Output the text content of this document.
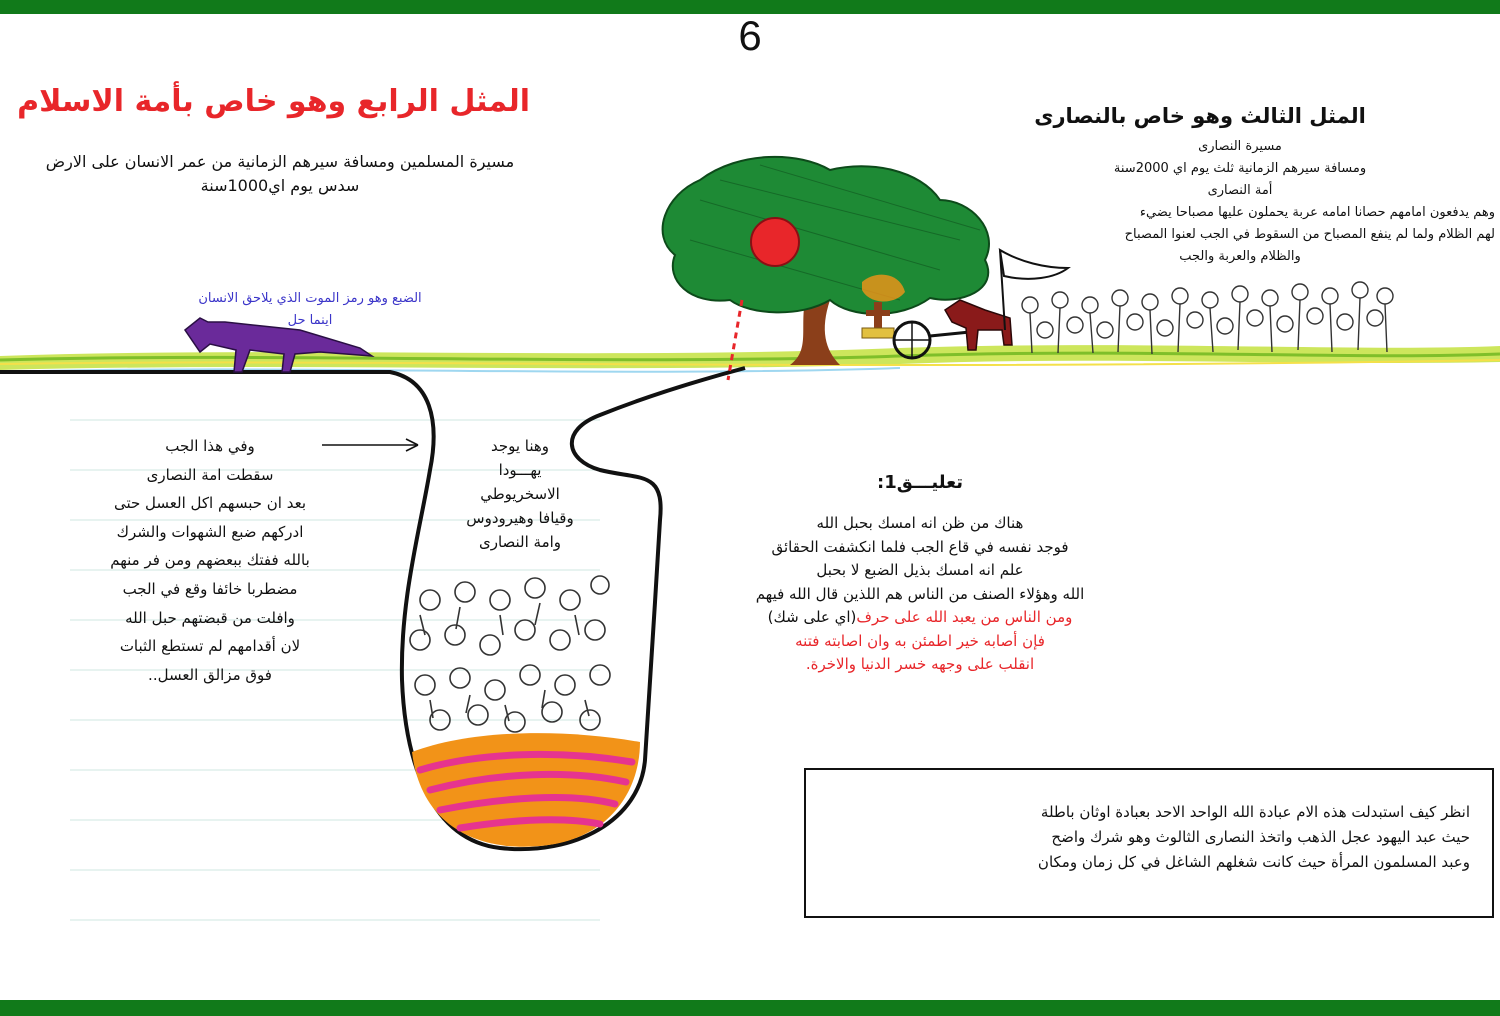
6
المثل الرابع وهو خاص بأمة الاسلام
مسيرة المسلمين ومسافة سيرهم الزمانية من عمر الانسان على الارض
سدس يوم اي1000سنة
الضبع وهو رمز الموت الذي يلاحق الانسان
اينما حل
المثل الثالث وهو خاص بالنصارى
مسيرة النصارى
ومسافة سيرهم الزمانية ثلث يوم اي 2000سنة
أمة النصارى
وهم يدفعون امامهم حصانا امامه عربة يحملون عليها مصباحا يضيء
لهم الظلام ولما لم ينفع المصباح من السقوط في الجب لعنوا المصباح
والظلام والعربة والجب
وفي هذا الجب
سقطت امة النصارى
بعد ان حبسهم اكل العسل حتى
ادركهم ضبع الشهوات والشرك
بالله ففتك ببعضهم ومن فر منهم
مضطربا خائفا وقع في الجب
وافلت من قبضتهم حبل الله
لان أقدامهم لم تستطع الثبات
فوق مزالق العسل..
وهنا يوجد
يهـــودا
الاسخريوطي
وقيافا وهيرودوس
وامة النصارى
تعليـــق1:
هناك من ظن انه امسك بحبل الله
فوجد نفسه في قاع الجب فلما انكشفت الحقائق
علم انه امسك بذيل الضبع لا بحبل
الله وهؤلاء الصنف من الناس هم اللذين قال الله فيهم
ومن الناس من يعبد الله على حرف(اي على شك)
فإن أصابه خير اطمئن به وان اصابته فتنه
انقلب على وجهه خسر الدنيا والاخرة.
انظر كيف استبدلت هذه الام عبادة الله الواحد الاحد بعبادة اوثان باطلة
حيث عبد اليهود عجل الذهب واتخذ النصارى الثالوث وهو شرك واضح
وعبد المسلمون المرأة حيث كانت شغلهم الشاغل في كل زمان ومكان
